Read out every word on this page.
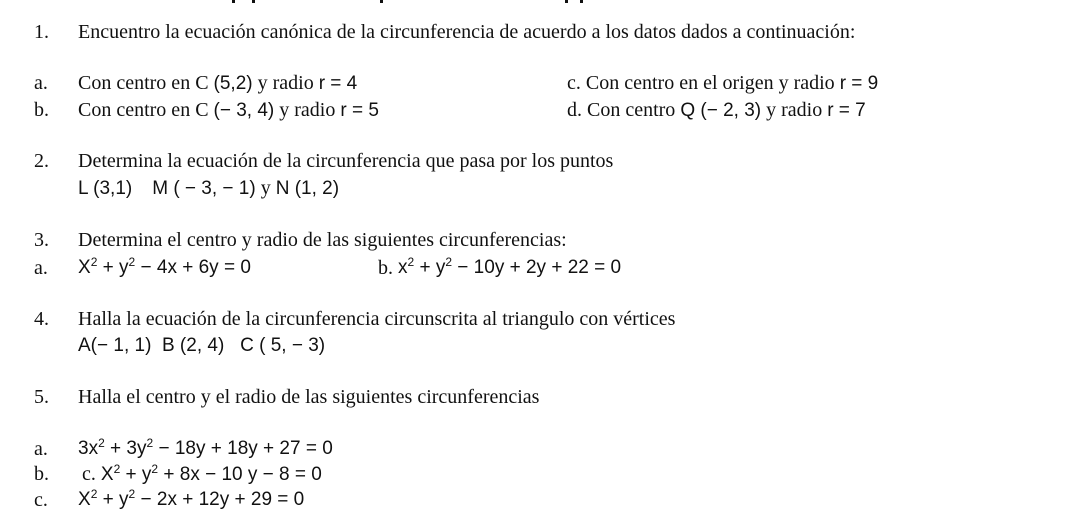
1. Encuentro la ecuación canónica de la circunferencia de acuerdo a los datos dados a continuación:
a. Con centro en C (5,2) y radio r = 4	c. Con centro en el origen y radio r = 9
b. Con centro en C (− 3, 4) y radio r = 5	d. Con centro Q (− 2, 3) y radio r = 7
2. Determina la ecuación de la circunferencia que pasa por los puntos
L (3,1) M ( − 3, − 1) y N (1, 2)
3. Determina el centro y radio de las siguientes circunferencias:
a. $X^2 + y^2 - 4x + 6y = 0$	b. $x^2 + y^2 - 10y + 2y + 22 = 0$
4. Halla la ecuación de la circunferencia circunscrita al triangulo con vértices
A(− 1, 1) B (2, 4) C ( 5, − 3)
5. Halla el centro y el radio de las siguientes circunferencias
a. $3x^2 + 3y^2 - 18y + 18y + 27 = 0$
b. c. $X^2 + y^2 + 8x - 10$ y − 8 = 0
c. $X^2 + y^2 - 2x + 12y + 29 = 0$
